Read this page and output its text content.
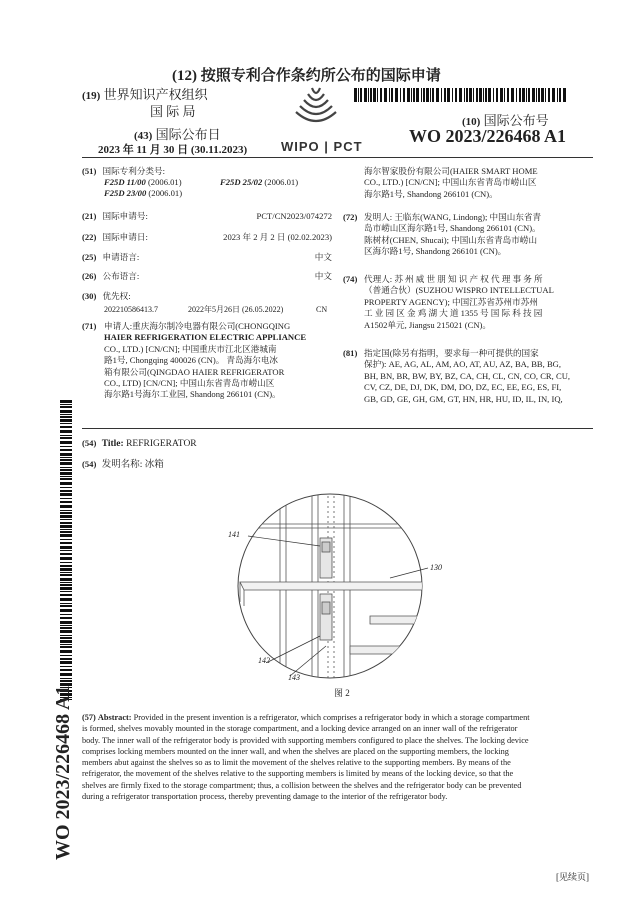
(12) 按照专利合作条约所公布的国际申请
(19) 世界知识产权组织
国 际 局
(43) 国际公布日
2023 年 11 月 30 日 (30.11.2023)	WIPO | PCT
(10) 国际公布号
WO 2023/226468 A1
(51) 国际专利分类号:
F25D 11/00 (2006.01)	F25D 25/02 (2006.01)
F25D 23/00 (2006.01)
(21) 国际申请号:	PCT/CN2023/074272
(22) 国际申请日:	2023 年 2 月 2 日 (02.02.2023)
(25) 申请语言:	中文
(26) 公布语言:	中文
(30) 优先权:
202210586413.7	2022年5月26日 (26.05.2022)	CN
(71) 申请人:重庆海尔制冷电器有限公司(CHONGQING
HAIER REFRIGERATION ELECTRIC APPLIANCE
CO., LTD.) [CN/CN]; 中国重庆市江北区港城南
路1号, Chongqing 400026 (CN)。 青岛海尔电冰
箱有限公司(QINGDAO HAIER REFRIGERATOR
CO., LTD) [CN/CN]; 中国山东省青岛市崂山区
海尔路1号海尔工业园, Shandong 266101 (CN)。
海尔智家股份有限公司(HAIER SMART HOME
CO., LTD.) [CN/CN]; 中国山东省青岛市崂山区
海尔路1号, Shandong 266101 (CN)。
(72) 发明人: 王临东(WANG, Lindong); 中国山东省青
岛市崂山区海尔路1号, Shandong 266101 (CN)。
陈树材(CHEN, Shucai); 中国山东省青岛市崂山
区海尔路1号, Shandong 266101 (CN)。
(74) 代理人: 苏 州 威 世 朋 知 识 产 权 代 理 事 务 所
（普通合伙）(SUZHOU WISPRO INTELLECTUAL
PROPERTY AGENCY); 中国江苏省苏州市苏州
工 业 园 区 金 鸡 湖 大 道 1355 号 国 际 科 技 园
A1502单元, Jiangsu 215021 (CN)。
(81) 指定国(除另有指明，要求每一种可提供的国家
保护): AE, AG, AL, AM, AO, AT, AU, AZ, BA, BB, BG,
BH, BN, BR, BW, BY, BZ, CA, CH, CL, CN, CO, CR, CU,
CV, CZ, DE, DJ, DK, DM, DO, DZ, EC, EE, EG, ES, FI,
GB, GD, GE, GH, GM, GT, HN, HR, HU, ID, IL, IN, IQ,
(54) Title: REFRIGERATOR
(54) 发明名称: 冰箱
141
130
142
143
图 2
(57) Abstract: Provided in the present invention is a refrigerator, which comprises a refrigerator body in which a storage compartment
is formed, shelves movably mounted in the storage compartment, and a locking device arranged on an inner wall of the refrigerator
body. The inner wall of the refrigerator body is provided with supporting members configured to place the shelves. The locking device
comprises locking members mounted on the inner wall, and when the shelves are placed on the supporting members, the locking
members abut against the shelves so as to limit the movement of the shelves relative to the supporting members. By means of the
refrigerator, the movement of the shelves relative to the supporting members is limited by means of the locking device, so that the
shelves are firmly fixed to the storage compartment; thus, a collision between the shelves and the refrigerator body can be prevented
during a refrigerator transportation process, thereby preventing damage to the interior of the refrigerator body.
WO 2023/226468 A1
[见续页]
